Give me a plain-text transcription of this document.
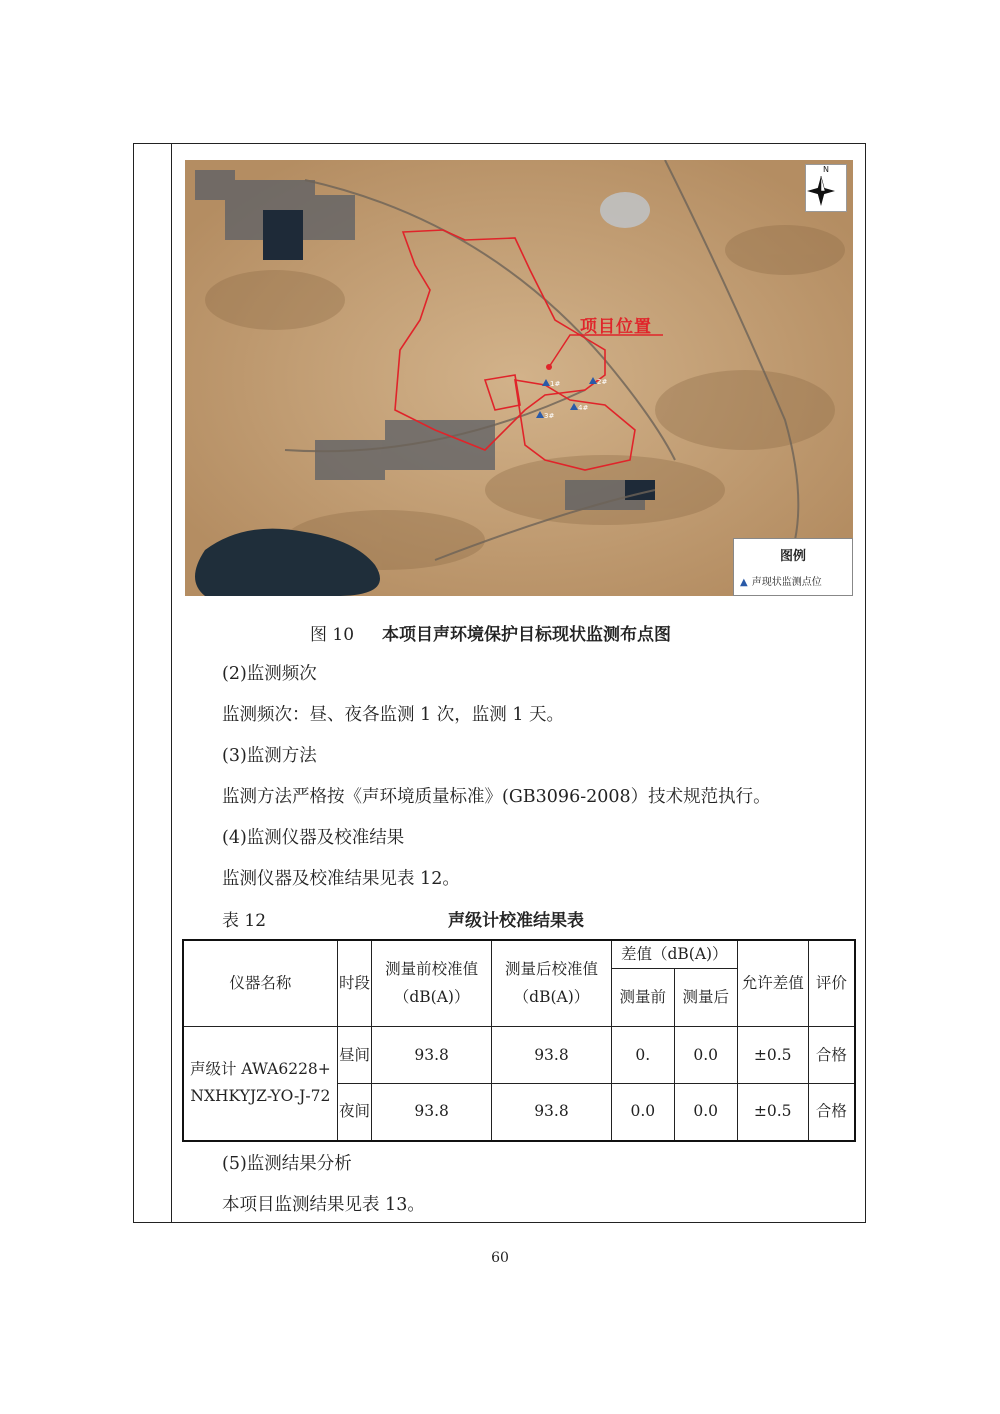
1#	2#
3#
4#
项目位置
N
图例
▲ 声现状监测点位
图 10 本项目声环境保护目标现状监测布点图
(2)监测频次
监测频次：昼、夜各监测 1 次，监测 1 天。
(3)监测方法
监测方法严格按《声环境质量标准》(GB3096-2008）技术规范执行。
(4)监测仪器及校准结果
监测仪器及校准结果见表 12。
表 12	声级计校准结果表
仪器名称	时段	测量前校准值（dB(A)）	测量后校准值（dB(A)）	差值（dB(A)）		允许差值	评价
				测量前	测量后		
声级计 AWA6228+ NXHKYJZ-YO-J-72	昼间	93.8	93.8	0.	0.0	±0.5	合格
	夜间	93.8	93.8	0.0	0.0	±0.5	合格
(5)监测结果分析
本项目监测结果见表 13。
60
